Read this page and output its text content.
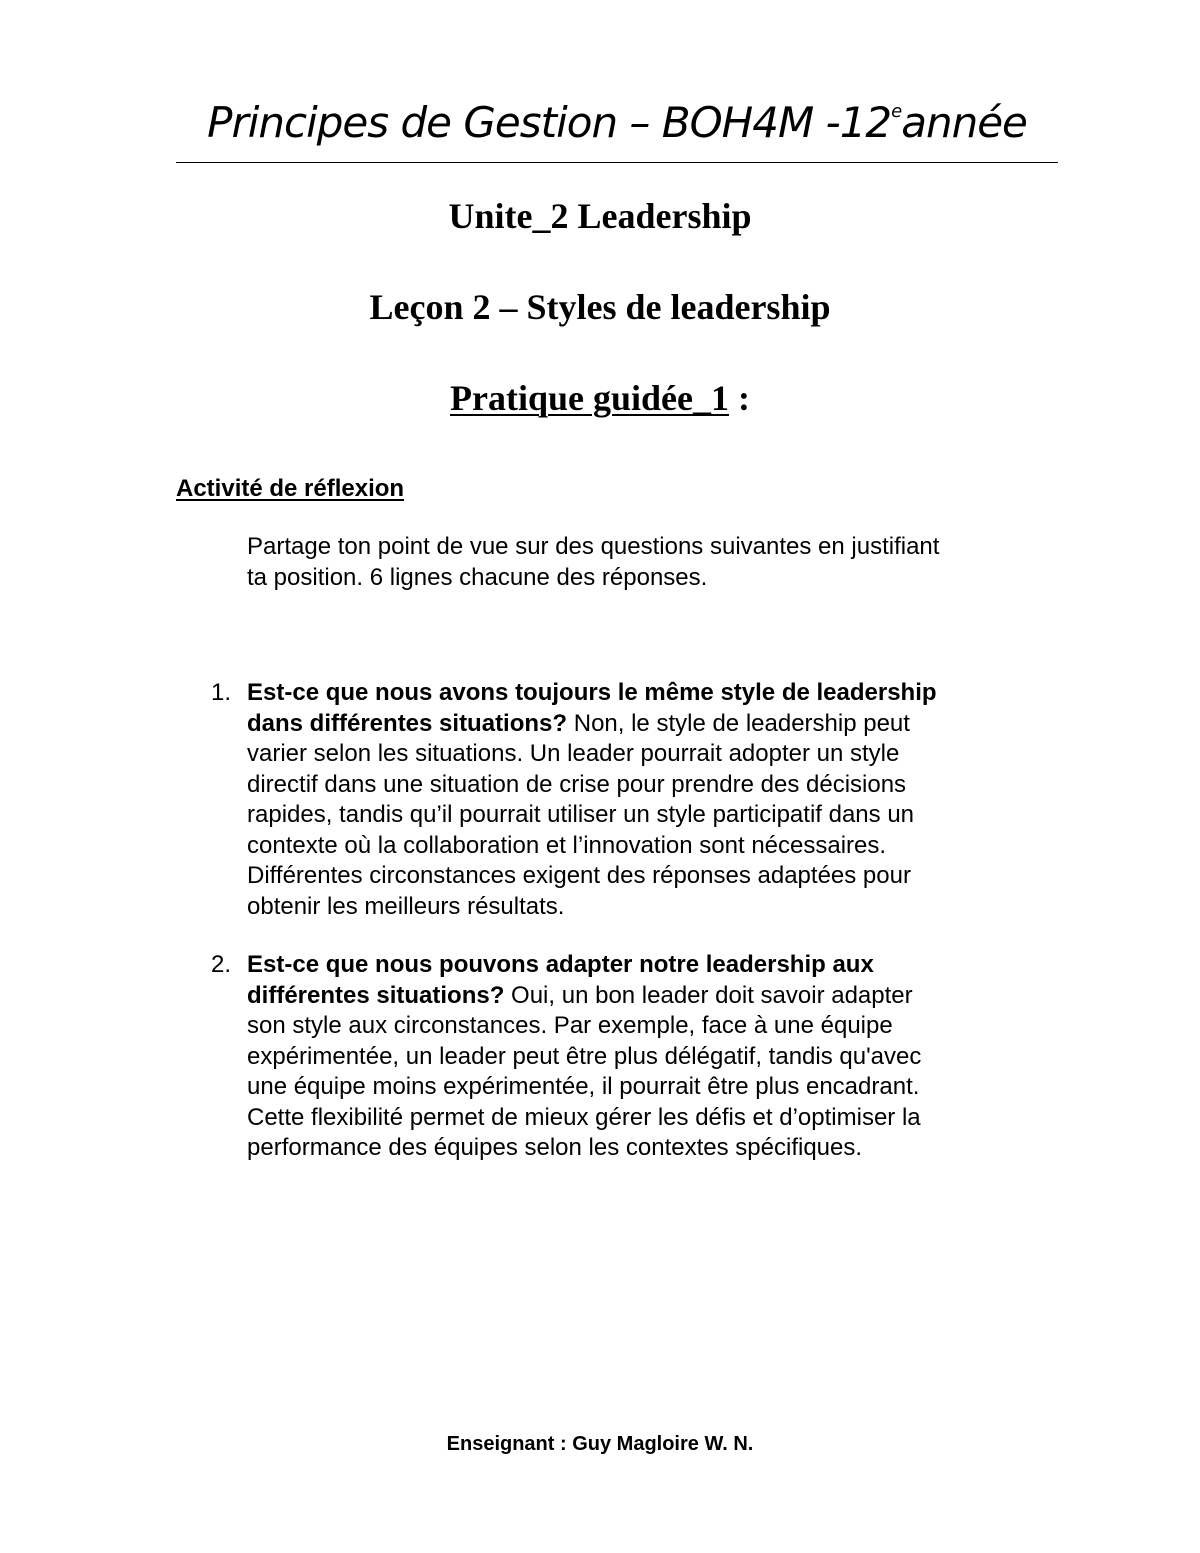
Principes de Gestion – BOH4M -12eannée
Unite_2 Leadership
Leçon 2 – Styles de leadership
Pratique guidée_1 :
Activité de réflexion
Partage ton point de vue sur des questions suivantes en justifiant
ta position. 6 lignes chacune des réponses.
1. Est-ce que nous avons toujours le même style de leadership
dans différentes situations? Non, le style de leadership peut
varier selon les situations. Un leader pourrait adopter un style
directif dans une situation de crise pour prendre des décisions
rapides, tandis qu’il pourrait utiliser un style participatif dans un
contexte où la collaboration et l’innovation sont nécessaires.
Différentes circonstances exigent des réponses adaptées pour
obtenir les meilleurs résultats.
2. Est-ce que nous pouvons adapter notre leadership aux
différentes situations? Oui, un bon leader doit savoir adapter
son style aux circonstances. Par exemple, face à une équipe
expérimentée, un leader peut être plus délégatif, tandis qu'avec
une équipe moins expérimentée, il pourrait être plus encadrant.
Cette flexibilité permet de mieux gérer les défis et d’optimiser la
performance des équipes selon les contextes spécifiques.
Enseignant : Guy Magloire W. N.
